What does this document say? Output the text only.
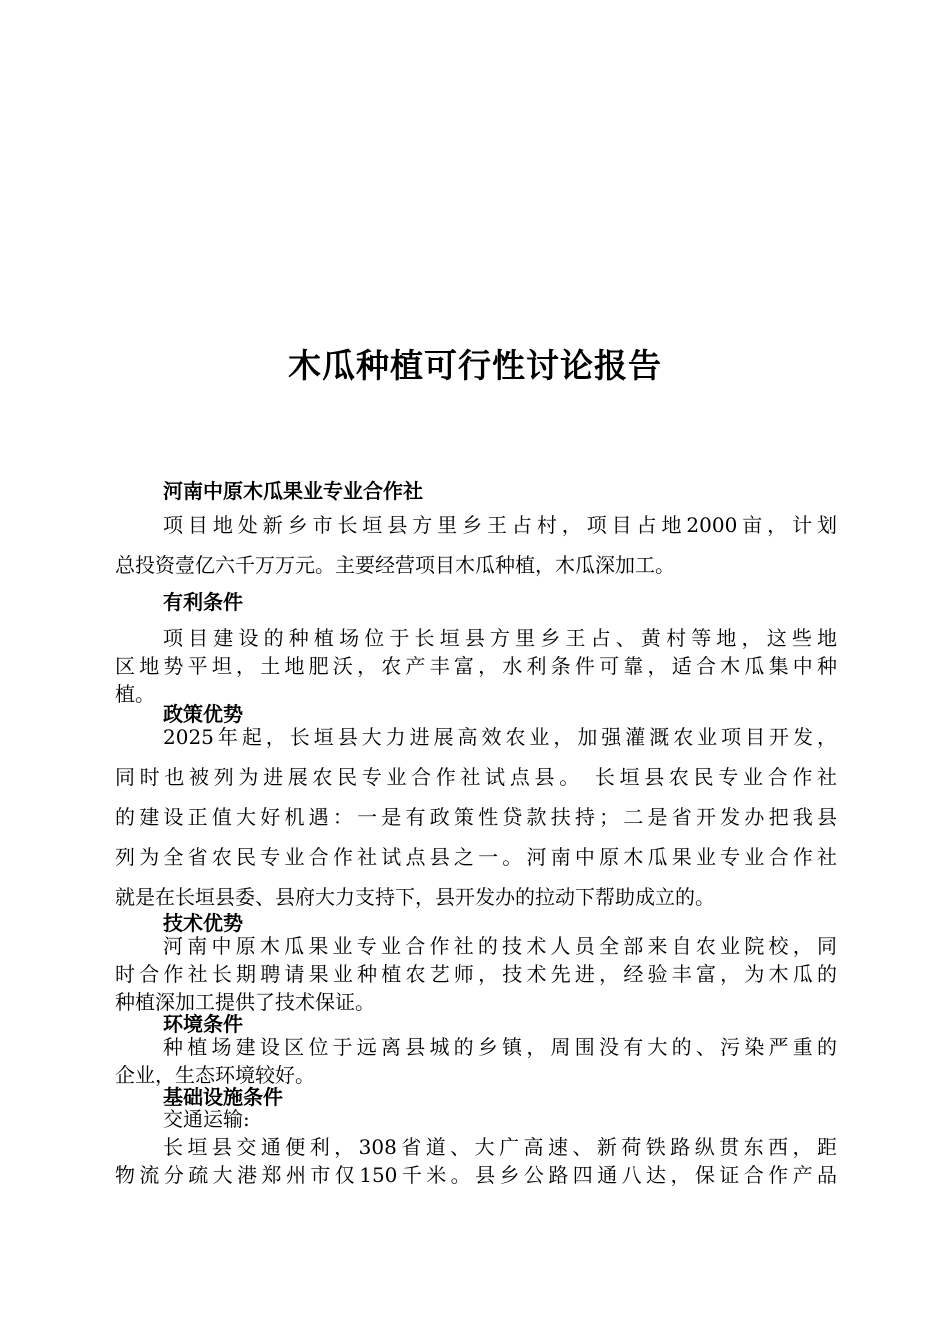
木瓜种植可行性讨论报告
河南中原木瓜果业专业合作社
项目地处新乡市长垣县方里乡王占村，项目占地2000亩，计划
总投资壹亿六千万万元。主要经营项目木瓜种植，木瓜深加工。
有利条件
项目建设的种植场位于长垣县方里乡王占、黄村等地，这些地
区地势平坦，土地肥沃，农产丰富，水利条件可靠，适合木瓜集中种
植。
政策优势
2025年起，长垣县大力进展高效农业，加强灌溉农业项目开发，
同时也被列为进展农民专业合作社试点县。 长垣县农民专业合作社
的建设正值大好机遇：一是有政策性贷款扶持；二是省开发办把我县
列为全省农民专业合作社试点县之一。河南中原木瓜果业专业合作社
就是在长垣县委、县府大力支持下，县开发办的拉动下帮助成立的。
技术优势
河南中原木瓜果业专业合作社的技术人员全部来自农业院校，同
时合作社长期聘请果业种植农艺师，技术先进，经验丰富，为木瓜的
种植深加工提供了技术保证。
环境条件
种植场建设区位于远离县城的乡镇，周围没有大的、污染严重的
企业，生态环境较好。
基础设施条件
交通运输:
长垣县交通便利，308省道、大广高速、新荷铁路纵贯东西，距
物流分疏大港郑州市仅150千米。县乡公路四通八达，保证合作产品
